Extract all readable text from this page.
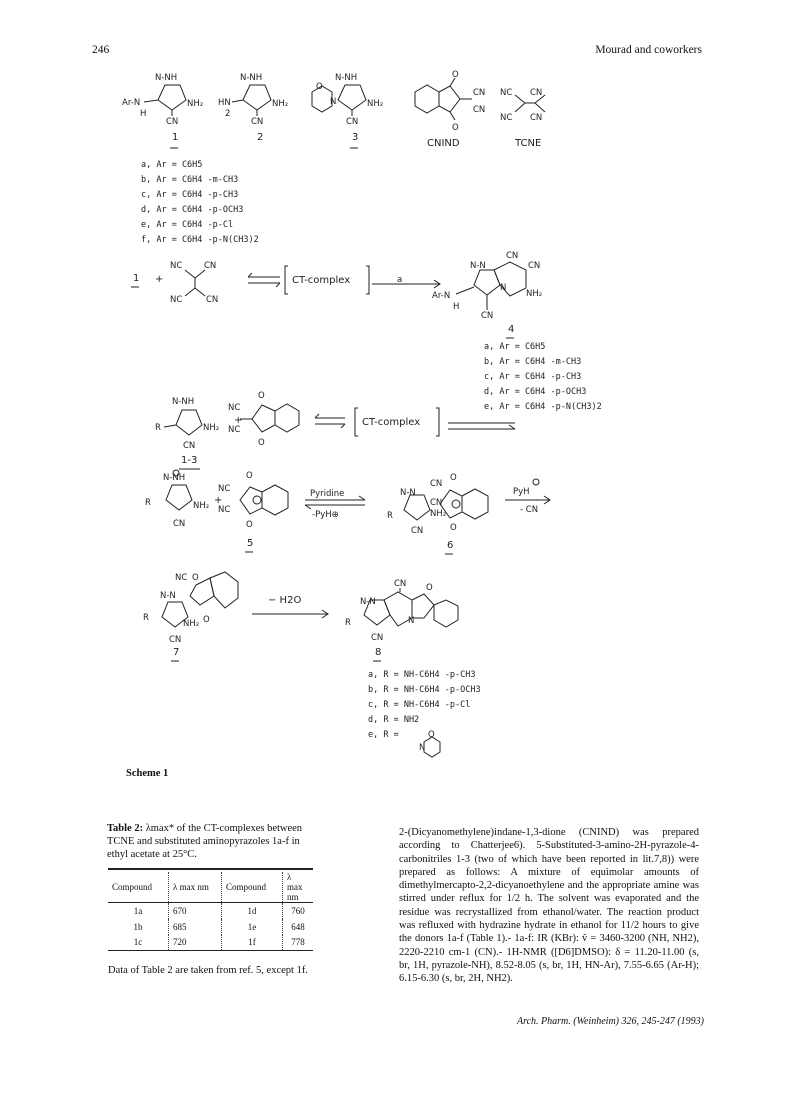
246	Mourad and coworkers
N-NH
Ar-N
H
NH₂
CN
N-NH
HN
2
NH₂
CN
N-NH
O
N	NH₂
CN
O
O
CN
CN
NC CN
NC CN
1	2	3
CNIND	TCNE
1 +
NC	CN
NC	CN
CT-complex	a
CN
CN
NH₂
N-N
N
Ar-N
H
CN
4
N-NH
R	NH₂
CN
1-3
+
O
O
NC
NC
CT-complex
N-NH
R	NH₂
CN
+
O
O
NC
NC
5
Pyridine
-PyH⊕
N-N
R
CN
CN
NH₂
CN
O
O
6
PyH
- CN
N-N
R
NH₂
CN
NC O
O
7
− H2O	N-N
CN
N
O
R
CN
8
O
N
a, Ar = C6H5
b, Ar = C6H4 -m-CH3
c, Ar = C6H4 -p-CH3
d, Ar = C6H4 -p-OCH3
e, Ar = C6H4 -p-Cl
f, Ar = C6H4 -p-N(CH3)2
a, Ar = C6H5
b, Ar = C6H4 -m-CH3
c, Ar = C6H4 -p-CH3
d, Ar = C6H4 -p-OCH3
e, Ar = C6H4 -p-N(CH3)2
a, R = NH-C6H4 -p-CH3
b, R = NH-C6H4 -p-OCH3
c, R = NH-C6H4 -p-Cl
d, R = NH2
e, R =
Scheme 1
Table 2: λmax* of the CT-complexes between TCNE and substituted aminopyrazoles 1a-f in ethyl acetate at 25°C.
Compound	λ max nm	Compound	λ max nm
1a	670	1d	760
1b	685	1e	648
1c	720	1f	778
Data of Table 2 are taken from ref. 5, except 1f.
2-(Dicyanomethylene)indane-1,3-dione (CNIND) was prepared according to Chatterjee6). 5-Substituted-3-amino-2H-pyrazole-4-carbonitriles 1-3 (two of which have been reported in lit.7,8)) were prepared as follows: A mixture of equimolar amounts of dimethylmercapto-2,2-dicyanoethylene and the appropriate amine was stirred under reflux for 1/2 h. The solvent was evaporated and the residue was recrystallized from ethanol/water. The reaction product was refluxed with hydrazine hydrate in ethanol for 11/2 hours to give the donors 1a-f (Table 1).- 1a-f: IR (KBr): ṽ = 3460-3200 (NH, NH2), 2220-2210 cm-1 (CN).- 1H-NMR ([D6]DMSO): δ = 11.20-11.00 (s, br, 1H, pyrazole-NH), 8.52-8.05 (s, br, 1H, HN-Ar), 7.55-6.65 (Ar-H); 6.15-6.30 (s, br, 2H, NH2).
Arch. Pharm. (Weinheim) 326, 245-247 (1993)
